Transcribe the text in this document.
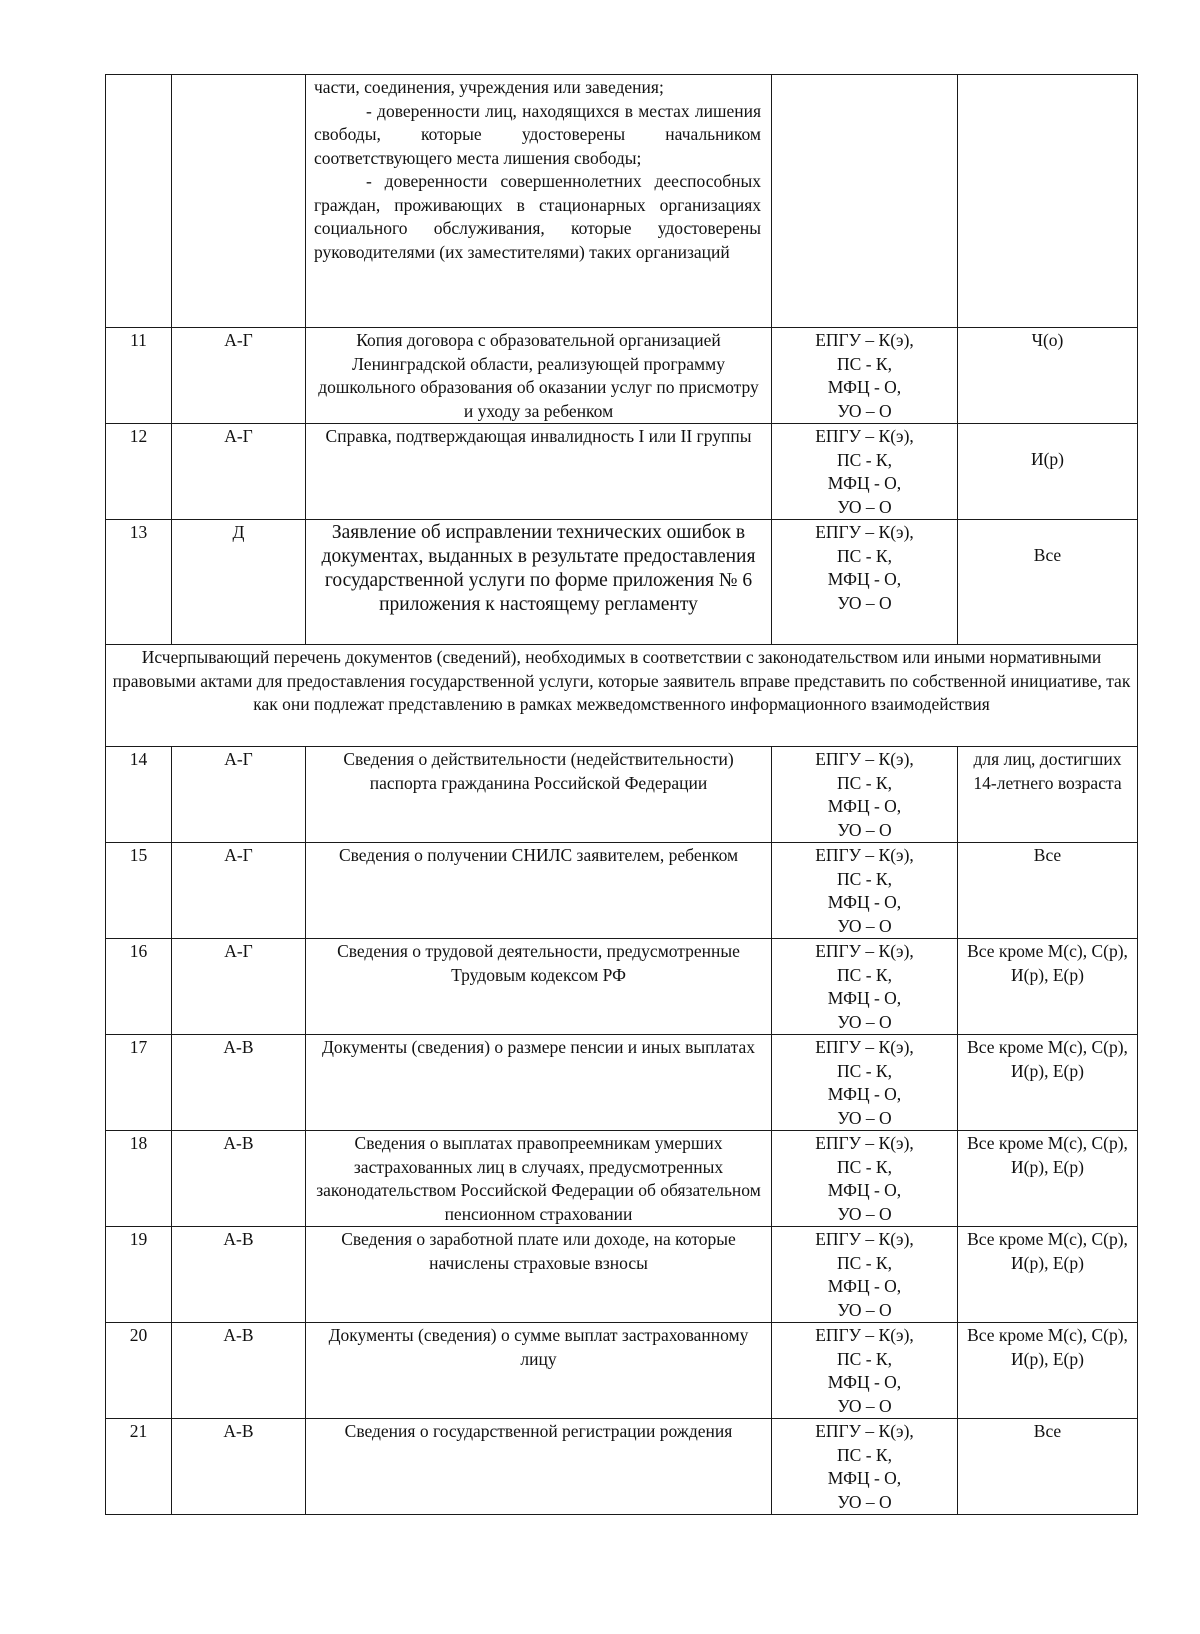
		части, соединения, учреждения или заведения;
- доверенности лиц, находящихся в местах лишения свободы, которые удостоверены начальником соответствующего места лишения свободы;
- доверенности совершеннолетних дееспособных граждан, проживающих в стационарных организациях социального обслуживания, которые удостоверены руководителями (их заместителями) таких организаций		

11	А-Г	Копия договора с образовательной организацией Ленинградской области, реализующей программу дошкольного образования об оказании услуг по присмотру и уходу за ребенком	ЕПГУ – К(э),
ПС - К,
МФЦ - О,
УО – О	Ч(о)
12	А-Г	Справка, подтверждающая инвалидность I или II группы	ЕПГУ – К(э),
ПС - К,
МФЦ - О,
УО – О	И(р)
13	Д	Заявление об исправлении технических ошибок в документах, выданных в результате предоставления государственной услуги по форме приложения № 6 приложения к настоящему регламенту	ЕПГУ – К(э),
ПС - К,
МФЦ - О,
УО – О	Все
Исчерпывающий перечень документов (сведений), необходимых в соответствии с законодательством или иными нормативными правовыми актами для предоставления государственной услуги, которые заявитель вправе представить по собственной инициативе, так как они подлежат представлению в рамках межведомственного информационного взаимодействия				
14	А-Г	Сведения о действительности (недействительности) паспорта гражданина Российской Федерации	ЕПГУ – К(э),
ПС - К,
МФЦ - О,
УО – О	для лиц, достигших 14-летнего возраста
15	А-Г	Сведения о получении СНИЛС заявителем, ребенком	ЕПГУ – К(э),
ПС - К,
МФЦ - О,
УО – О	Все
16	А-Г	Сведения о трудовой деятельности, предусмотренные Трудовым кодексом РФ	ЕПГУ – К(э),
ПС - К,
МФЦ - О,
УО – О	Все кроме М(с), С(р), И(р), Е(р)
17	А-В	Документы (сведения) о размере пенсии и иных выплатах	ЕПГУ – К(э),
ПС - К,
МФЦ - О,
УО – О	Все кроме М(с), С(р), И(р), Е(р)
18	А-В	Сведения о выплатах правопреемникам умерших застрахованных лиц в случаях, предусмотренных законодательством Российской Федерации об обязательном пенсионном страховании	ЕПГУ – К(э),
ПС - К,
МФЦ - О,
УО – О	Все кроме М(с), С(р), И(р), Е(р)
19	А-В	Сведения о заработной плате или доходе, на которые начислены страховые взносы	ЕПГУ – К(э),
ПС - К,
МФЦ - О,
УО – О	Все кроме М(с), С(р), И(р), Е(р)
20	А-В	Документы (сведения) о сумме выплат застрахованному лицу	ЕПГУ – К(э),
ПС - К,
МФЦ - О,
УО – О	Все кроме М(с), С(р), И(р), Е(р)
21	А-В	Сведения о государственной регистрации рождения	ЕПГУ – К(э),
ПС - К,
МФЦ - О,
УО – О	Все
